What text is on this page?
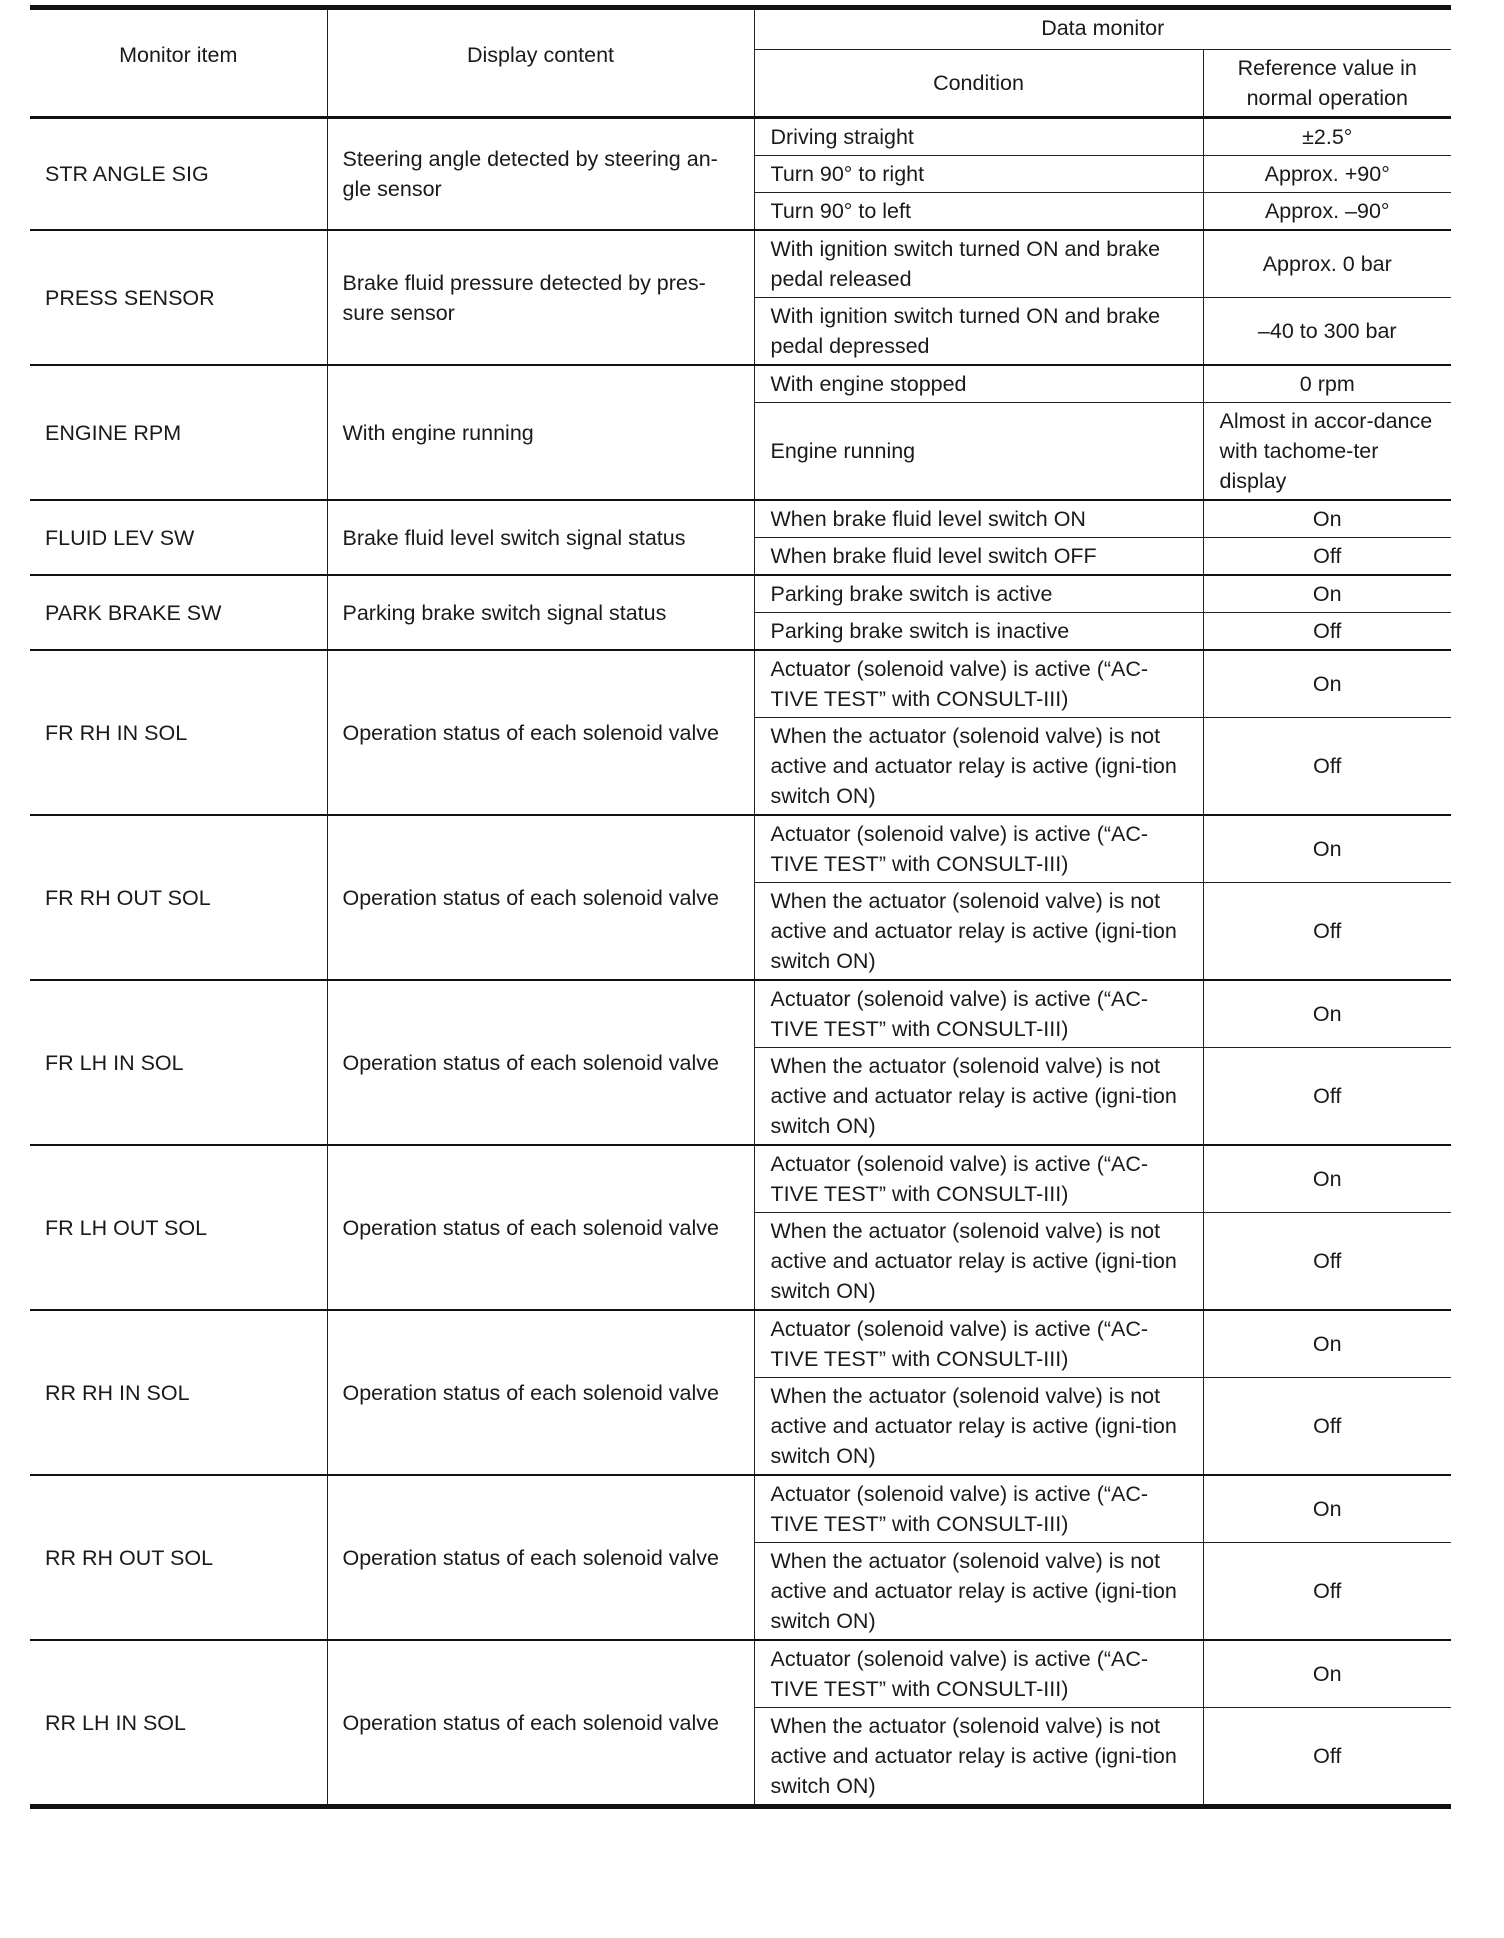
Monitor item	Display content	Data monitor	
		Condition	Reference value in normal operation
STR ANGLE SIG	Steering angle detected by steering an-gle sensor	Driving straight	±2.5°
		Turn 90° to right	Approx. +90°
		Turn 90° to left	Approx. –90°
PRESS SENSOR	Brake fluid pressure detected by pres-sure sensor	With ignition switch turned ON and brake pedal released	Approx. 0 bar
		With ignition switch turned ON and brake pedal depressed	–40 to 300 bar
ENGINE RPM	With engine running	With engine stopped	0 rpm
		Engine running	Almost in accor-dance with tachome-ter display
FLUID LEV SW	Brake fluid level switch signal status	When brake fluid level switch ON	On
		When brake fluid level switch OFF	Off
PARK BRAKE SW	Parking brake switch signal status	Parking brake switch is active	On
		Parking brake switch is inactive	Off
FR RH IN SOL	Operation status of each solenoid valve	Actuator (solenoid valve) is active (“AC-TIVE TEST” with CONSULT-III)	On
		When the actuator (solenoid valve) is not active and actuator relay is active (igni-tion switch ON)	Off
FR RH OUT SOL	Operation status of each solenoid valve	Actuator (solenoid valve) is active (“AC-TIVE TEST” with CONSULT-III)	On
		When the actuator (solenoid valve) is not active and actuator relay is active (igni-tion switch ON)	Off
FR LH IN SOL	Operation status of each solenoid valve	Actuator (solenoid valve) is active (“AC-TIVE TEST” with CONSULT-III)	On
		When the actuator (solenoid valve) is not active and actuator relay is active (igni-tion switch ON)	Off
FR LH OUT SOL	Operation status of each solenoid valve	Actuator (solenoid valve) is active (“AC-TIVE TEST” with CONSULT-III)	On
		When the actuator (solenoid valve) is not active and actuator relay is active (igni-tion switch ON)	Off
RR RH IN SOL	Operation status of each solenoid valve	Actuator (solenoid valve) is active (“AC-TIVE TEST” with CONSULT-III)	On
		When the actuator (solenoid valve) is not active and actuator relay is active (igni-tion switch ON)	Off
RR RH OUT SOL	Operation status of each solenoid valve	Actuator (solenoid valve) is active (“AC-TIVE TEST” with CONSULT-III)	On
		When the actuator (solenoid valve) is not active and actuator relay is active (igni-tion switch ON)	Off
RR LH IN SOL	Operation status of each solenoid valve	Actuator (solenoid valve) is active (“AC-TIVE TEST” with CONSULT-III)	On
		When the actuator (solenoid valve) is not active and actuator relay is active (igni-tion switch ON)	Off
